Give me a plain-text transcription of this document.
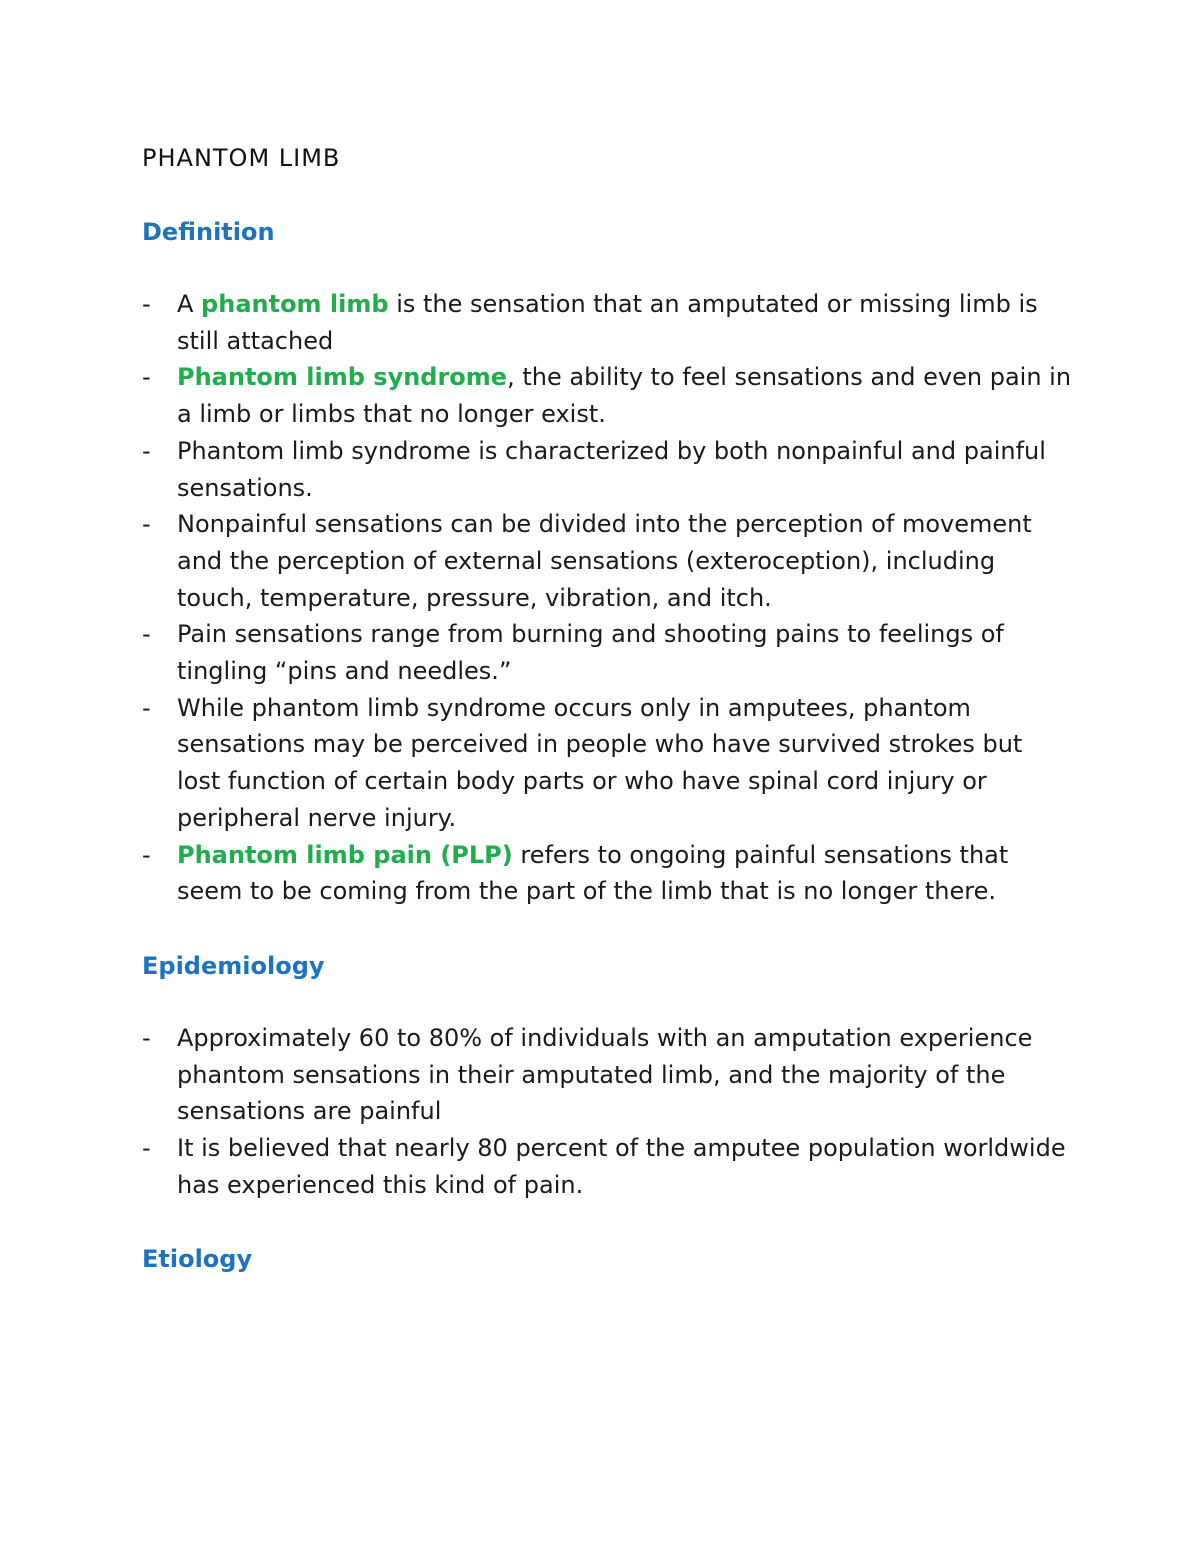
PHANTOM LIMB
Definition
- A phantom limb is the sensation that an amputated or missing limb is still attached
- Phantom limb syndrome, the ability to feel sensations and even pain in a limb or limbs that no longer exist.
- Phantom limb syndrome is characterized by both nonpainful and painful sensations.
- Nonpainful sensations can be divided into the perception of movement and the perception of external sensations (exteroception), including touch, temperature, pressure, vibration, and itch.
- Pain sensations range from burning and shooting pains to feelings of tingling “pins and needles.”
- While phantom limb syndrome occurs only in amputees, phantom sensations may be perceived in people who have survived strokes but lost function of certain body parts or who have spinal cord injury or peripheral nerve injury.
- Phantom limb pain (PLP) refers to ongoing painful sensations that seem to be coming from the part of the limb that is no longer there.
Epidemiology
- Approximately 60 to 80% of individuals with an amputation experience phantom sensations in their amputated limb, and the majority of the sensations are painful
- It is believed that nearly 80 percent of the amputee population worldwide has experienced this kind of pain.
Etiology
